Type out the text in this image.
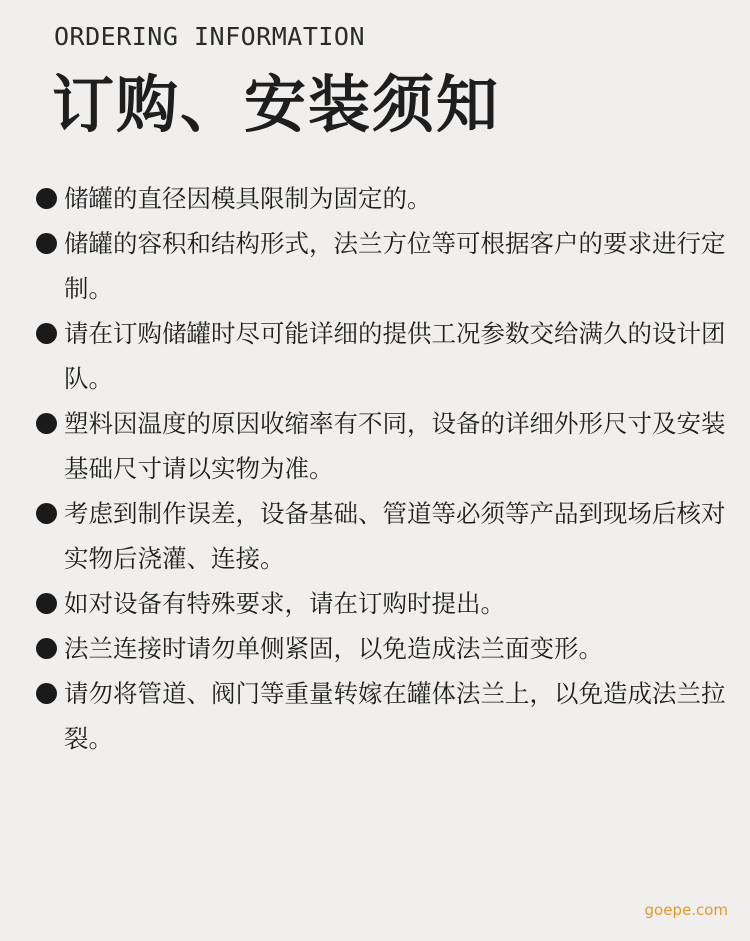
ORDERING INFORMATION
订购、安装须知
储罐的直径因模具限制为固定的。
储罐的容积和结构形式，法兰方位等可根据客户的要求进行定制。
请在订购储罐时尽可能详细的提供工况参数交给满久的设计团队。
塑料因温度的原因收缩率有不同，设备的详细外形尺寸及安装基础尺寸请以实物为准。
考虑到制作误差，设备基础、管道等必须等产品到现场后核对实物后浇灌、连接。
如对设备有特殊要求，请在订购时提出。
法兰连接时请勿单侧紧固，以免造成法兰面变形。
请勿将管道、阀门等重量转嫁在罐体法兰上，以免造成法兰拉裂。
goepe.com
